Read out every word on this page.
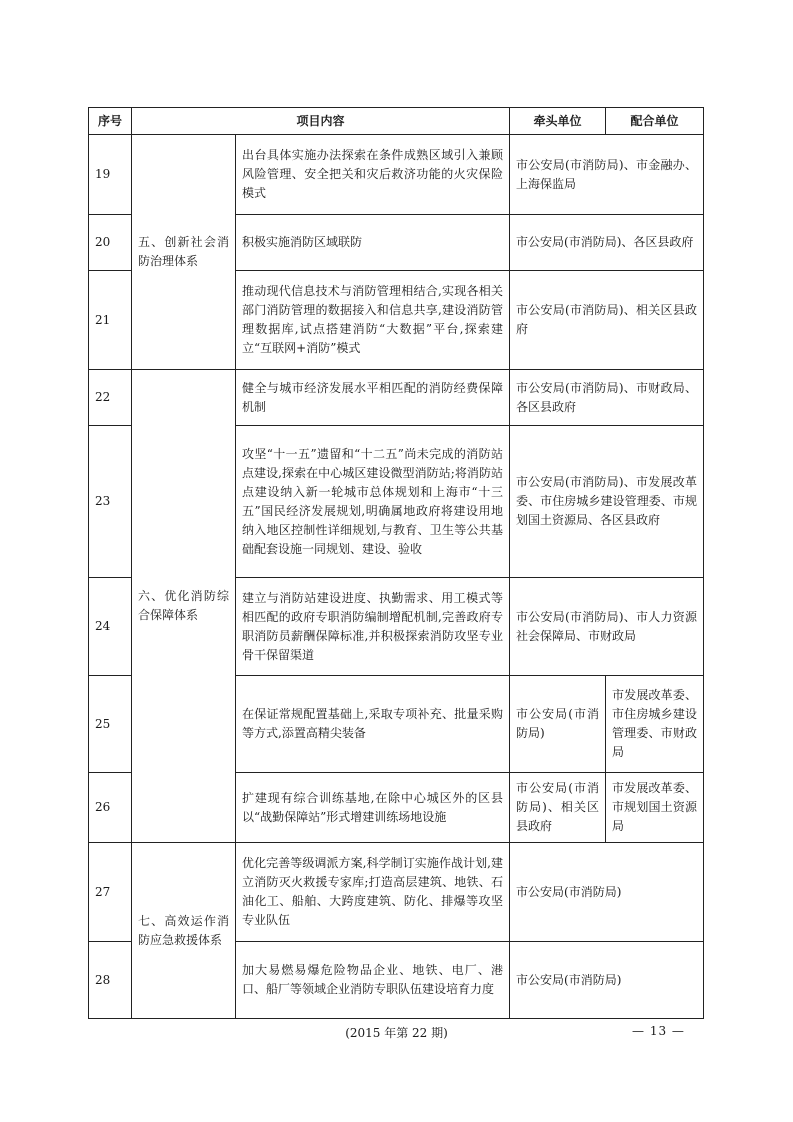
序号	项目内容		牵头单位	配合单位
19	五、创新社会消防治理体系	出台具体实施办法探索在条件成熟区域引入兼顾风险管理、安全把关和灾后救济功能的火灾保险模式	市公安局(市消防局)、市金融办、上海保监局	
20		积极实施消防区域联防	市公安局(市消防局)、各区县政府	
21		推动现代信息技术与消防管理相结合,实现各相关部门消防管理的数据接入和信息共享,建设消防管理数据库,试点搭建消防“大数据”平台,探索建立“互联网+消防”模式	市公安局(市消防局)、相关区县政府	
22	六、优化消防综合保障体系	健全与城市经济发展水平相匹配的消防经费保障机制	市公安局(市消防局)、市财政局、各区县政府	
23		攻坚“十一五”遗留和“十二五”尚未完成的消防站点建设,探索在中心城区建设微型消防站;将消防站点建设纳入新一轮城市总体规划和上海市“十三五”国民经济发展规划,明确属地政府将建设用地纳入地区控制性详细规划,与教育、卫生等公共基础配套设施一同规划、建设、验收	市公安局(市消防局)、市发展改革委、市住房城乡建设管理委、市规划国土资源局、各区县政府	
24		建立与消防站建设进度、执勤需求、用工模式等相匹配的政府专职消防编制增配机制,完善政府专职消防员薪酬保障标准,并积极探索消防攻坚专业骨干保留渠道	市公安局(市消防局)、市人力资源社会保障局、市财政局	
25		在保证常规配置基础上,采取专项补充、批量采购等方式,添置高精尖装备	市公安局(市消防局)	市发展改革委、市住房城乡建设管理委、市财政局
26		扩建现有综合训练基地,在除中心城区外的区县以“战勤保障站”形式增建训练场地设施	市公安局(市消防局)、相关区县政府	市发展改革委、市规划国土资源局
27	七、高效运作消防应急救援体系	优化完善等级调派方案,科学制订实施作战计划,建立消防灭火救援专家库;打造高层建筑、地铁、石油化工、船舶、大跨度建筑、防化、排爆等攻坚专业队伍	市公安局(市消防局)	
28		加大易燃易爆危险物品企业、地铁、电厂、港口、船厂等领域企业消防专职队伍建设培育力度	市公安局(市消防局)	
(2015 年第 22 期)	— 13 —
